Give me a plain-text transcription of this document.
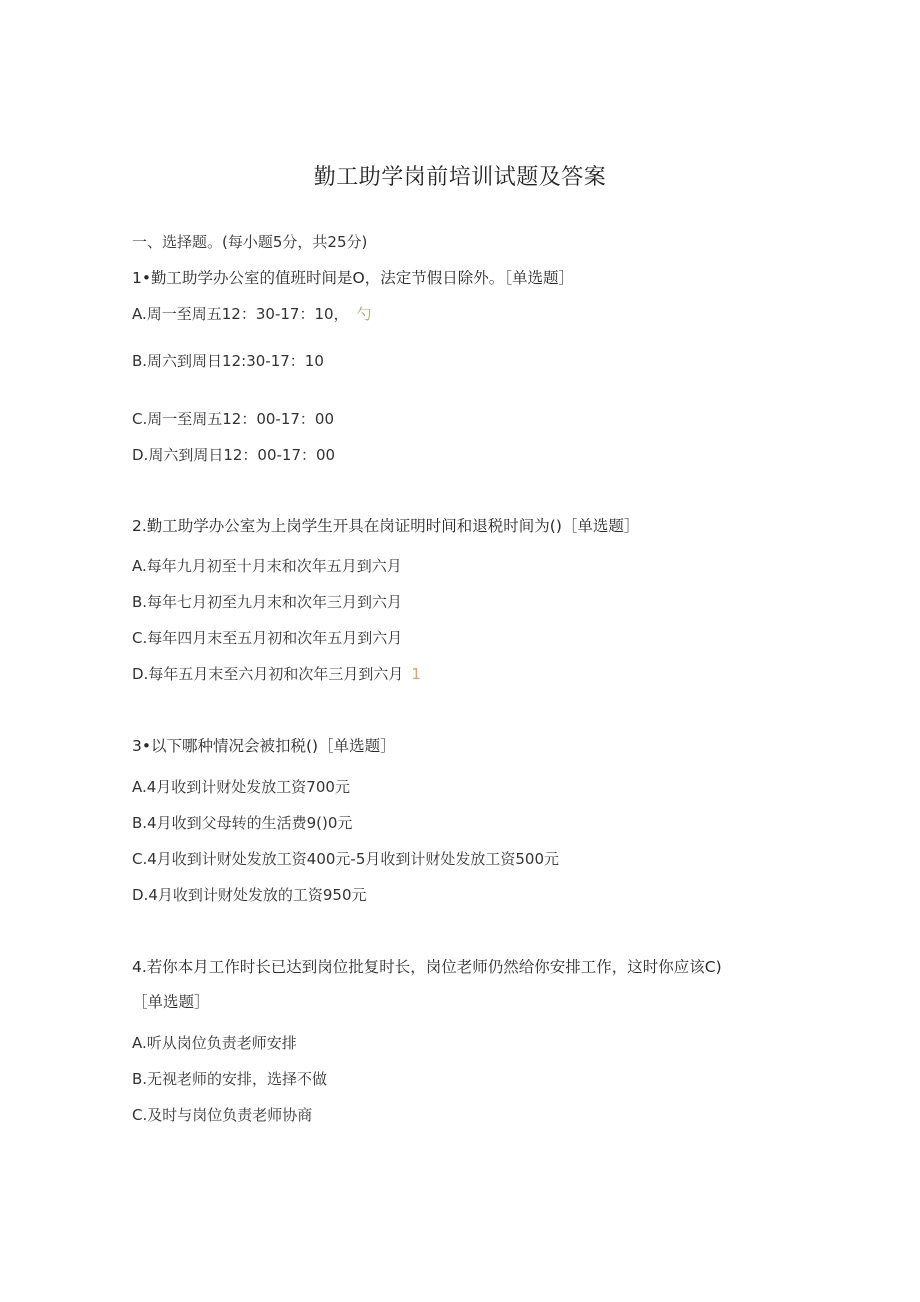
勤工助学岗前培训试题及答案
一、选择题。(每小题5分，共25分)
1•勤工助学办公室的值班时间是O，法定节假日除外。［单选题］
A.周一至周五12：30-17：10， 勺
B.周六到周日12:30-17：10
C.周一至周五12：00-17：00
D.周六到周日12：00-17：00
2.勤工助学办公室为上岗学生开具在岗证明时间和退税时间为()［单选题］
A.每年九月初至十月末和次年五月到六月
B.每年七月初至九月末和次年三月到六月
C.每年四月末至五月初和次年五月到六月
D.每年五月末至六月初和次年三月到六月 1
3•以下哪种情况会被扣税()［单选题］
A.4月收到计财处发放工资700元
B.4月收到父母转的生活费9()0元
C.4月收到计财处发放工资400元-5月收到计财处发放工资500元
D.4月收到计财处发放的工资950元
4.若你本月工作时长已达到岗位批复时长，岗位老师仍然给你安排工作，这时你应该C)
［单选题］
A.听从岗位负责老师安排
B.无视老师的安排，选择不做
C.及时与岗位负责老师协商
